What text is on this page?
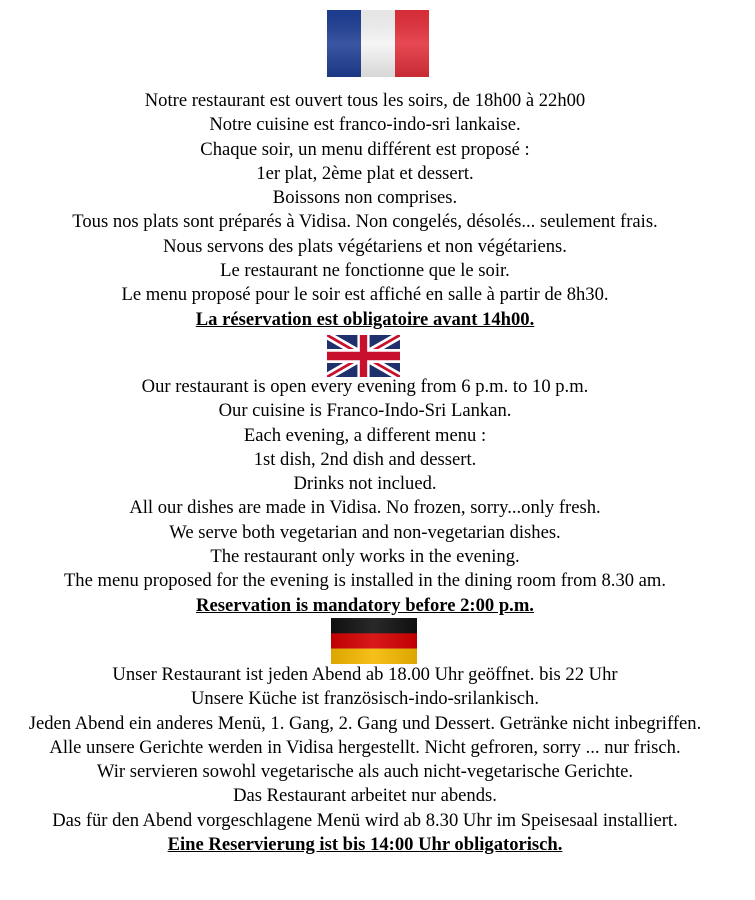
Notre restaurant est ouvert tous les soirs, de 18h00 à 22h00
Notre cuisine est franco-indo-sri lankaise.
Chaque soir, un menu différent est proposé :
1er plat, 2ème plat et dessert.
Boissons non comprises.
Tous nos plats sont préparés à Vidisa. Non congelés, désolés... seulement frais.
Nous servons des plats végétariens et non végétariens.
Le restaurant ne fonctionne que le soir.
Le menu proposé pour le soir est affiché en salle à partir de 8h30.
La réservation est obligatoire avant 14h00.
Our restaurant is open every evening from 6 p.m. to 10 p.m.
Our cuisine is Franco-Indo-Sri Lankan.
Each evening, a different menu :
1st dish, 2nd dish and dessert.
Drinks not inclued.
All our dishes are made in Vidisa. No frozen, sorry...only fresh.
We serve both vegetarian and non-vegetarian dishes.
The restaurant only works in the evening.
The menu proposed for the evening is installed in the dining room from 8.30 am.
Reservation is mandatory before 2:00 p.m.
Unser Restaurant ist jeden Abend ab 18.00 Uhr geöffnet. bis 22 Uhr
Unsere Küche ist französisch-indo-srilankisch.
Jeden Abend ein anderes Menü, 1. Gang, 2. Gang und Dessert. Getränke nicht inbegriffen.
Alle unsere Gerichte werden in Vidisa hergestellt. Nicht gefroren, sorry ... nur frisch.
Wir servieren sowohl vegetarische als auch nicht-vegetarische Gerichte.
Das Restaurant arbeitet nur abends.
Das für den Abend vorgeschlagene Menü wird ab 8.30 Uhr im Speisesaal installiert.
Eine Reservierung ist bis 14:00 Uhr obligatorisch.
